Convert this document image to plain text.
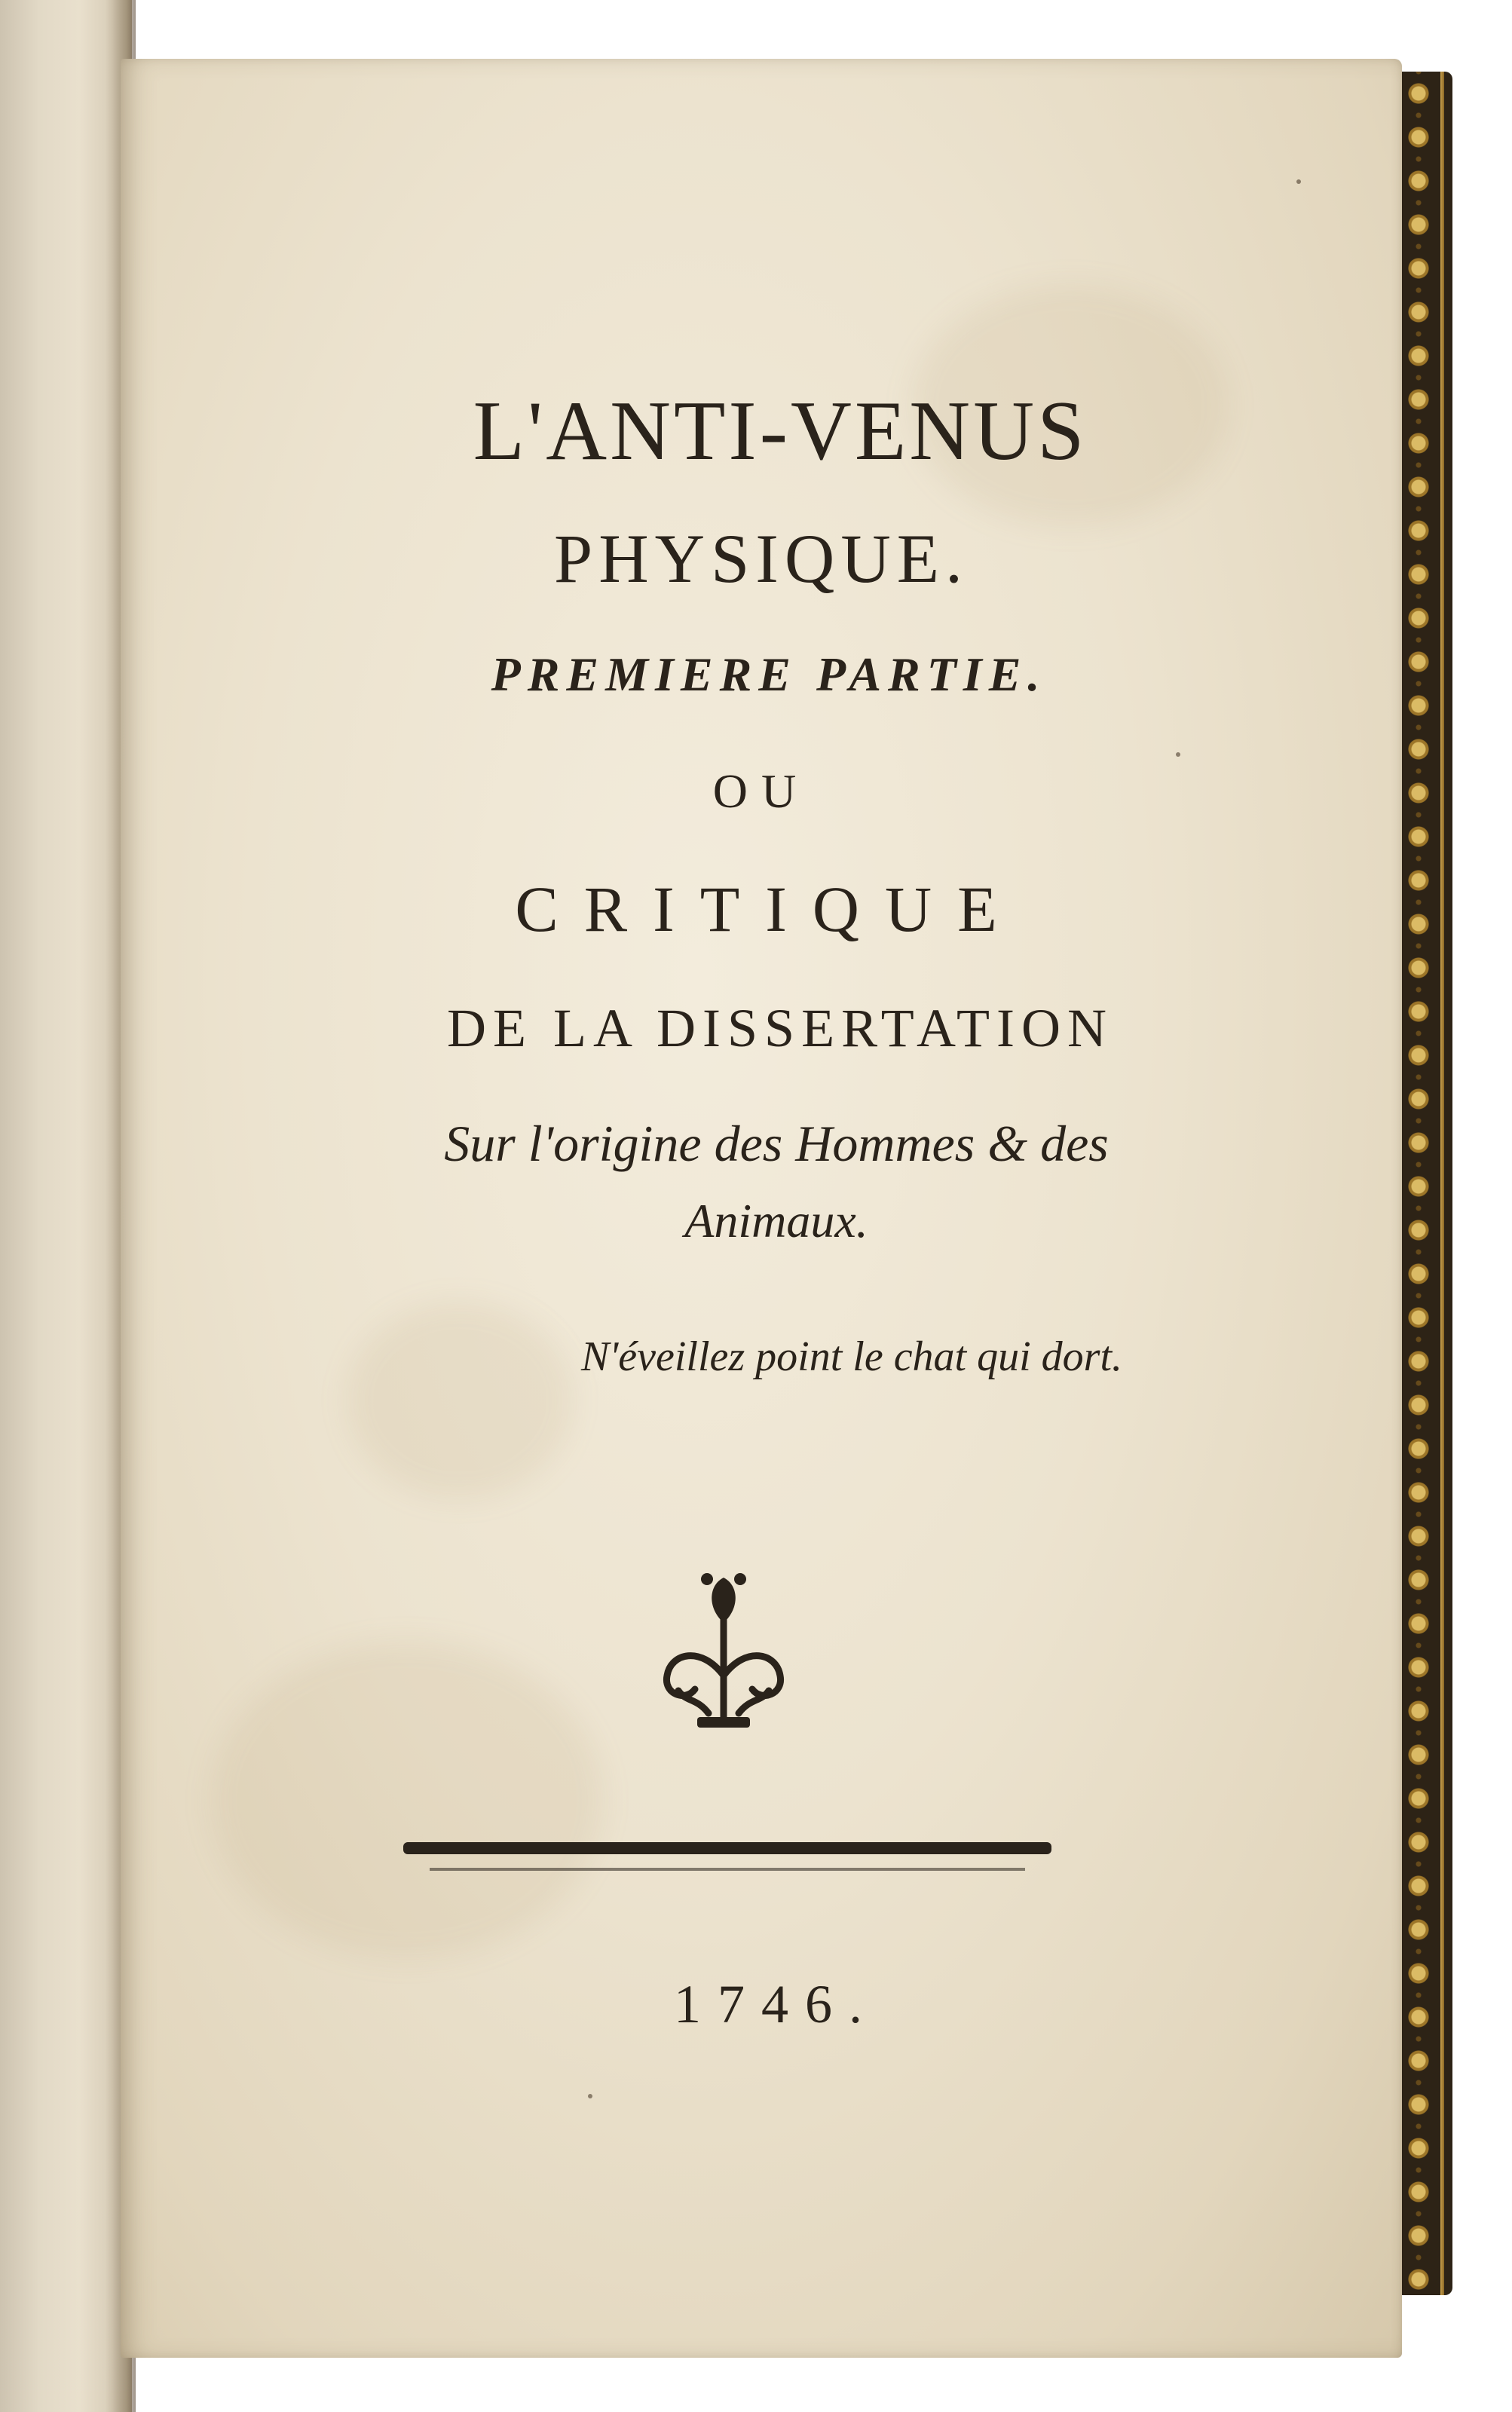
L'ANTI-VENUS
PHYSIQUE.
PREMIERE PARTIE.
OU
CRITIQUE
DE LA DISSERTATION
Sur l'origine des Hommes & des
Animaux.
N'éveillez point le chat qui dort.
1746.
